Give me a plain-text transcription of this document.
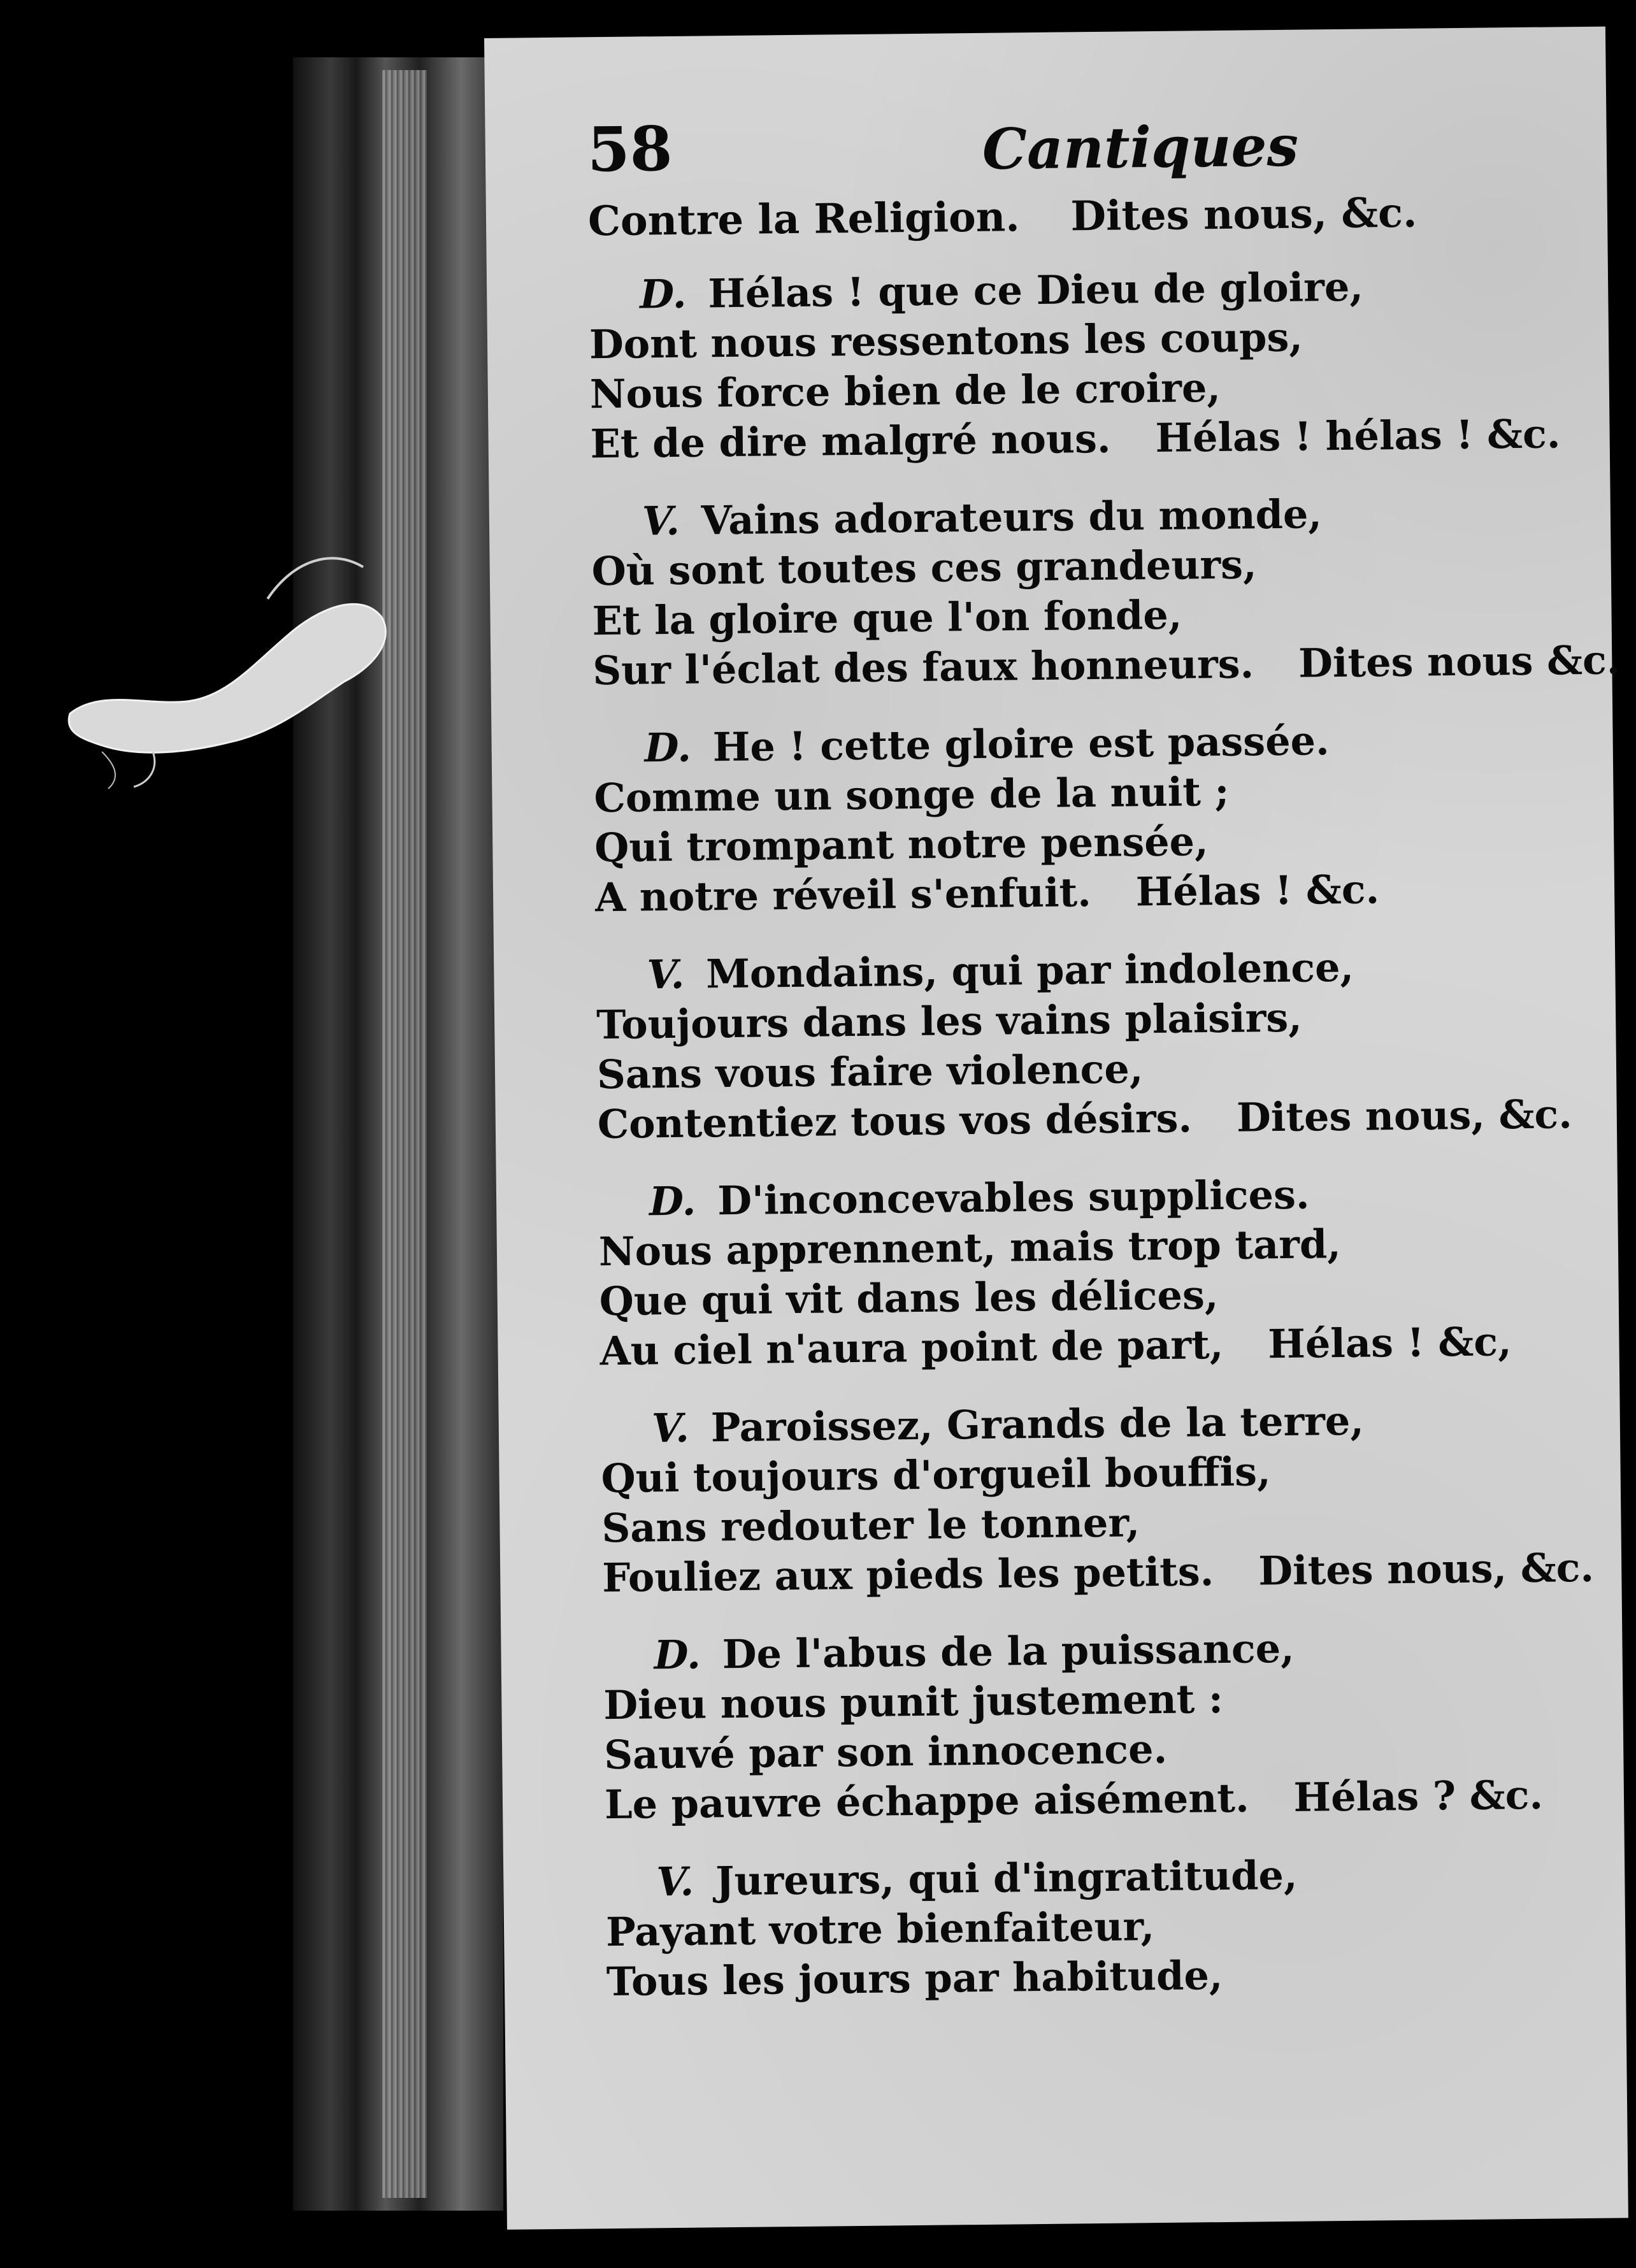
58	Cantiques
Contre la Religion. Dites nous, &c.
D. Hélas ! que ce Dieu de gloire,
Dont nous ressentons les coups,
Nous force bien de le croire,
Et de dire malgré nous. Hélas ! hélas ! &c.
V. Vains adorateurs du monde,
Où sont toutes ces grandeurs,
Et la gloire que l'on fonde,
Sur l'éclat des faux honneurs. Dites nous &c.
D. He ! cette gloire est passée.
Comme un songe de la nuit ;
Qui trompant notre pensée,
A notre réveil s'enfuit. Hélas ! &c.
V. Mondains, qui par indolence,
Toujours dans les vains plaisirs,
Sans vous faire violence,
Contentiez tous vos désirs. Dites nous, &c.
D. D'inconcevables supplices.
Nous apprennent, mais trop tard,
Que qui vit dans les délices,
Au ciel n'aura point de part, Hélas ! &c,
V. Paroissez, Grands de la terre,
Qui toujours d'orgueil bouffis,
Sans redouter le tonner,
Fouliez aux pieds les petits. Dites nous, &c.
D. De l'abus de la puissance,
Dieu nous punit justement :
Sauvé par son innocence.
Le pauvre échappe aisément. Hélas ? &c.
V. Jureurs, qui d'ingratitude,
Payant votre bienfaiteur,
Tous les jours par habitude,
